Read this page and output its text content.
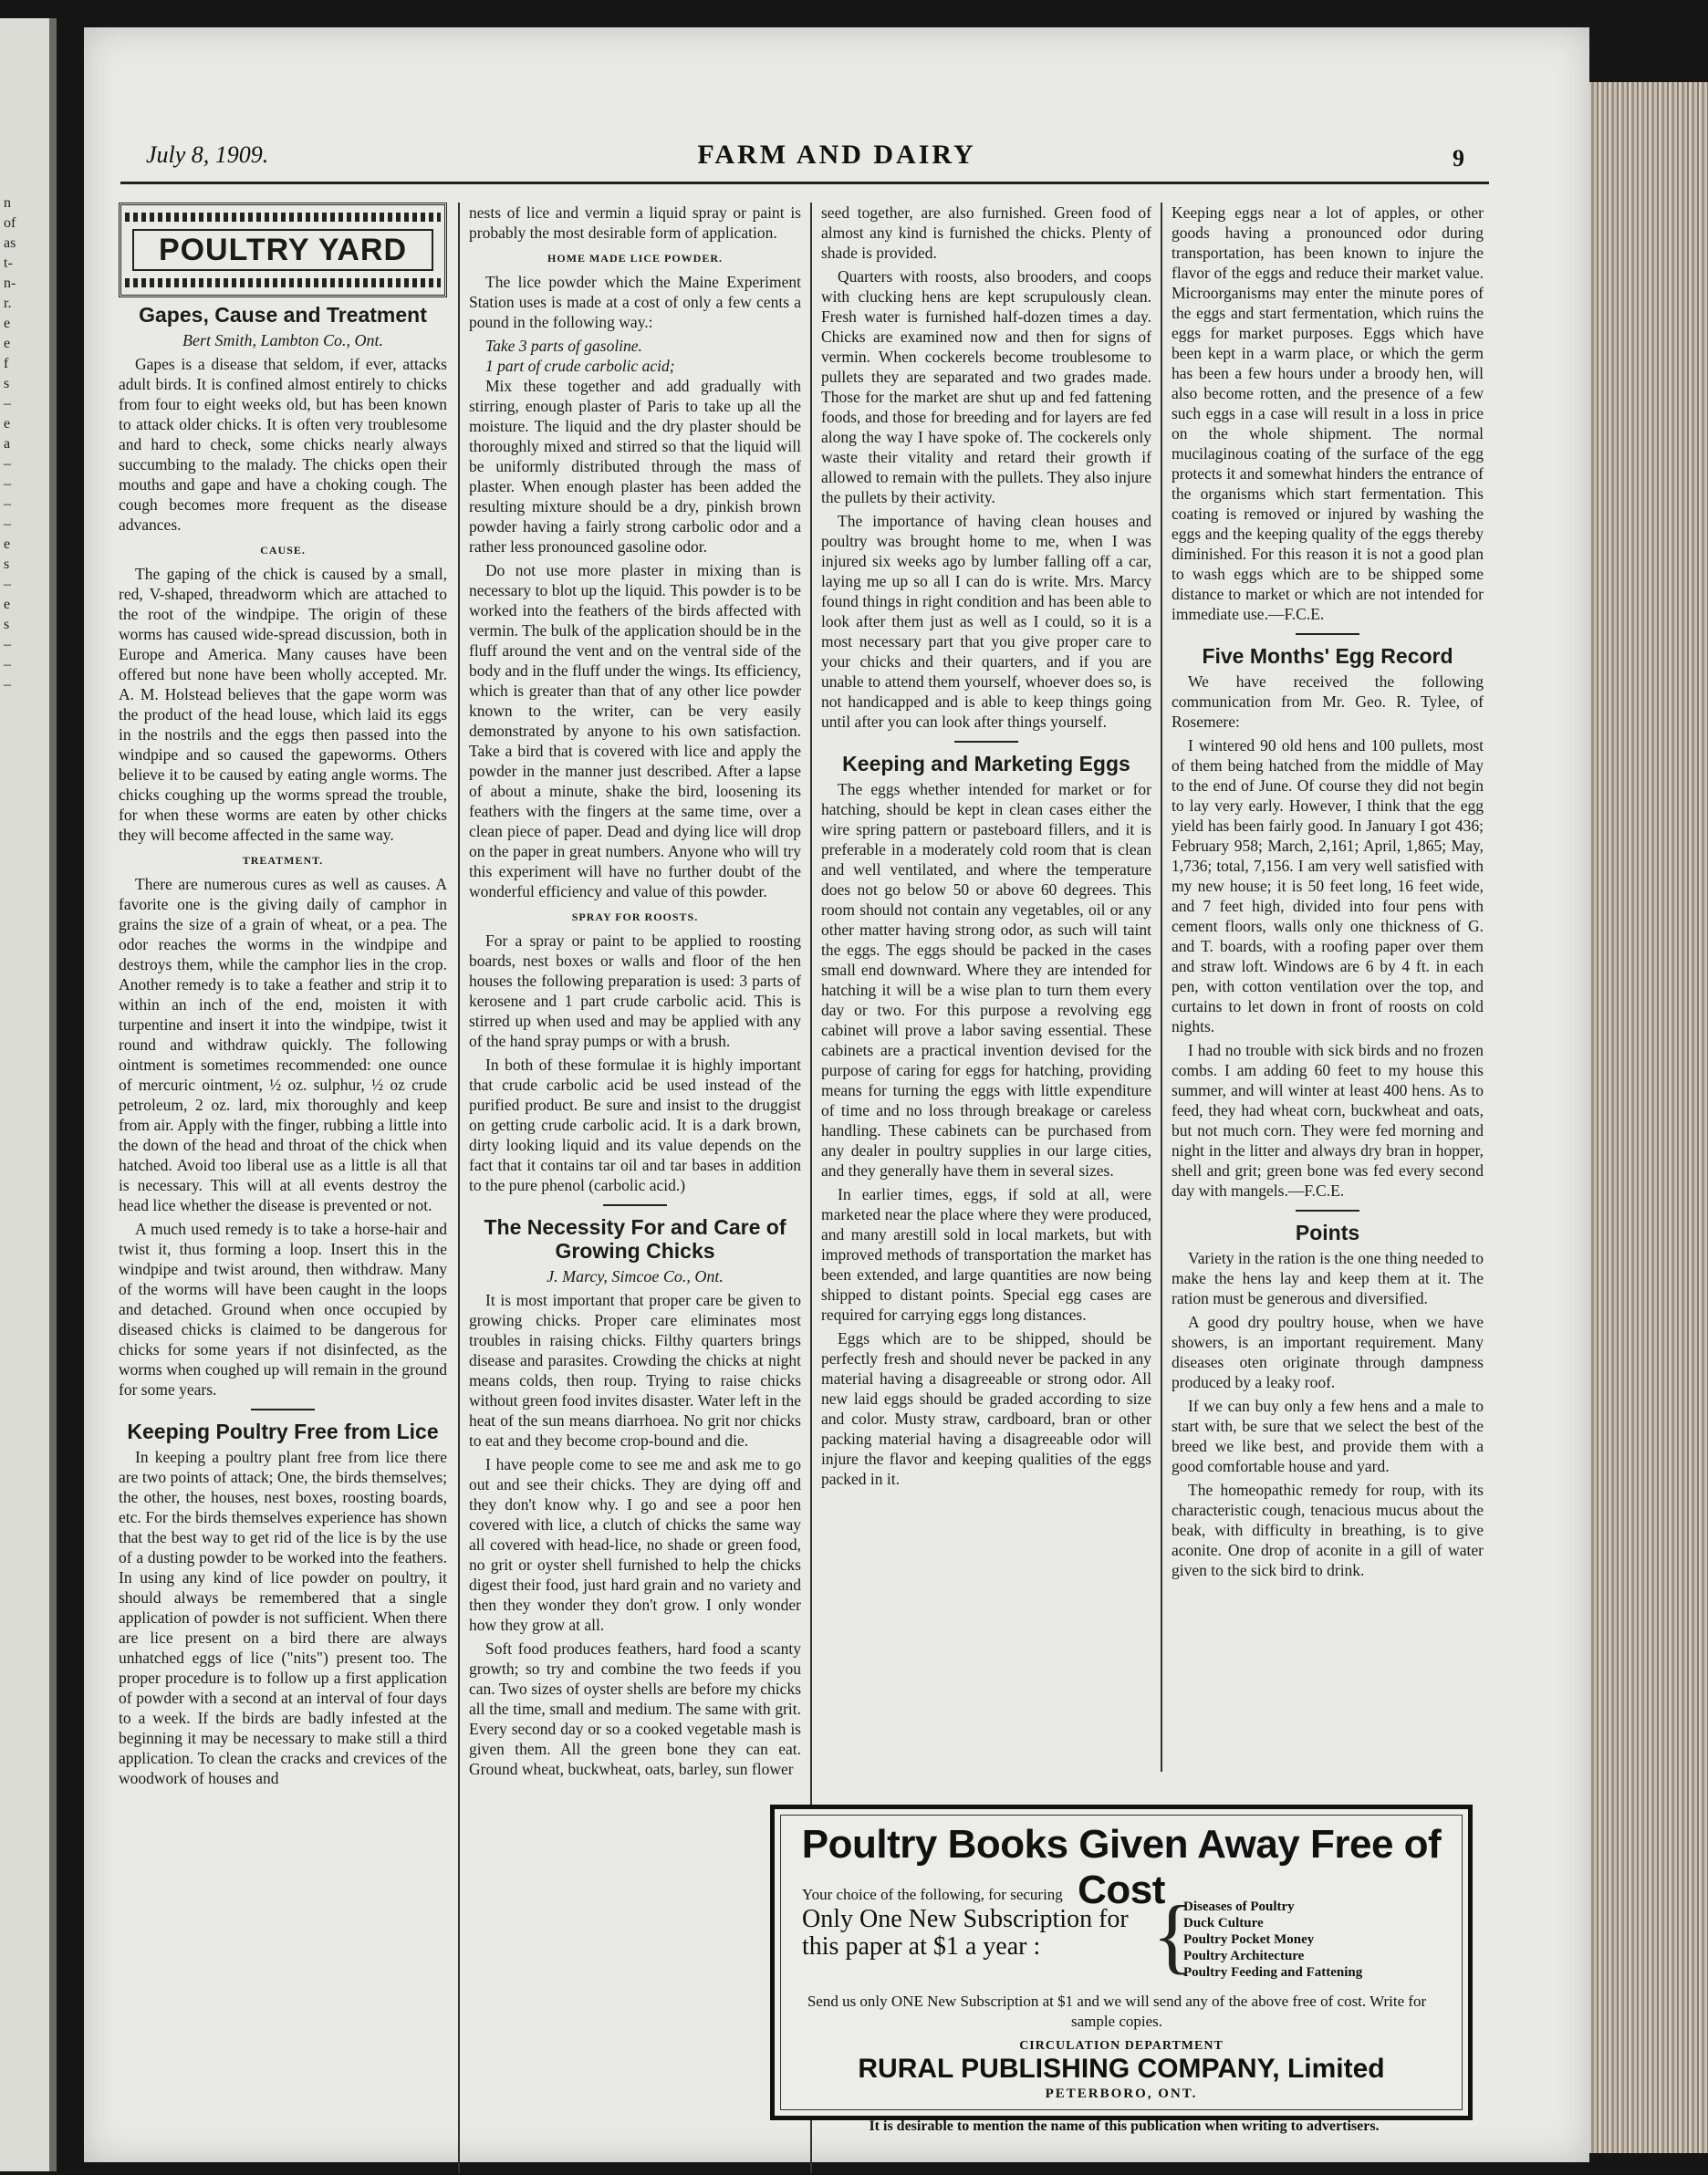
n
of
as
t-
n-
r.
e
e
f
s
–
e
a
–
–
–
–
e
s
–
e
s
–
–
–
July 8, 1909.	FARM AND DAIRY	9
POULTRY YARD
Gapes, Cause and Treatment
Bert Smith, Lambton Co., Ont.

Gapes is a disease that seldom, if ever, attacks adult birds. It is confined almost entirely to chicks from four to eight weeks old, but has been known to attack older chicks. It is often very troublesome and hard to check, some chicks nearly always succumbing to the malady. The chicks open their mouths and gape and have a choking cough. The cough becomes more frequent as the disease advances.

CAUSE.

The gaping of the chick is caused by a small, red, V-shaped, threadworm which are attached to the root of the windpipe. The origin of these worms has caused wide-spread discussion, both in Europe and America. Many causes have been offered but none have been wholly accepted. Mr. A. M. Holstead believes that the gape worm was the product of the head louse, which laid its eggs in the nostrils and the eggs then passed into the windpipe and so caused the gapeworms. Others believe it to be caused by eating angle worms. The chicks coughing up the worms spread the trouble, for when these worms are eaten by other chicks they will become affected in the same way.

TREATMENT.

There are numerous cures as well as causes. A favorite one is the giving daily of camphor in grains the size of a grain of wheat, or a pea. The odor reaches the worms in the windpipe and destroys them, while the camphor lies in the crop. Another remedy is to take a feather and strip it to within an inch of the end, moisten it with turpentine and insert it into the windpipe, twist it round and withdraw quickly. The following ointment is sometimes recommended: one ounce of mercuric ointment, ½ oz. sulphur, ½ oz crude petroleum, 2 oz. lard, mix thoroughly and keep from air. Apply with the finger, rubbing a little into the down of the head and throat of the chick when hatched. Avoid too liberal use as a little is all that is necessary. This will at all events destroy the head lice whether the disease is prevented or not.

A much used remedy is to take a horse-hair and twist it, thus forming a loop. Insert this in the windpipe and twist around, then withdraw. Many of the worms will have been caught in the loops and detached. Ground when once occupied by diseased chicks is claimed to be dangerous for chicks for some years if not disinfected, as the worms when coughed up will remain in the ground for some years.

Keeping Poultry Free from Lice

In keeping a poultry plant free from lice there are two points of attack; One, the birds themselves; the other, the houses, nest boxes, roosting boards, etc. For the birds themselves experience has shown that the best way to get rid of the lice is by the use of a dusting powder to be worked into the feathers. In using any kind of lice powder on poultry, it should always be remembered that a single application of powder is not sufficient. When there are lice present on a bird there are always unhatched eggs of lice ("nits") present too. The proper procedure is to follow up a first application of powder with a second at an interval of four days to a week. If the birds are badly infested at the beginning it may be necessary to make still a third application. To clean the cracks and crevices of the woodwork of houses and

nests of lice and vermin a liquid spray or paint is probably the most desirable form of application.

HOME MADE LICE POWDER.

The lice powder which the Maine Experiment Station uses is made at a cost of only a few cents a pound in the following way.:

Take 3 parts of gasoline.

1 part of crude carbolic acid;

Mix these together and add gradually with stirring, enough plaster of Paris to take up all the moisture. The liquid and the dry plaster should be thoroughly mixed and stirred so that the liquid will be uniformly distributed through the mass of plaster. When enough plaster has been added the resulting mixture should be a dry, pinkish brown powder having a fairly strong carbolic odor and a rather less pronounced gasoline odor.

Do not use more plaster in mixing than is necessary to blot up the liquid. This powder is to be worked into the feathers of the birds affected with vermin. The bulk of the application should be in the fluff around the vent and on the ventral side of the body and in the fluff under the wings. Its efficiency, which is greater than that of any other lice powder known to the writer, can be very easily demonstrated by anyone to his own satisfaction. Take a bird that is covered with lice and apply the powder in the manner just described. After a lapse of about a minute, shake the bird, loosening its feathers with the fingers at the same time, over a clean piece of paper. Dead and dying lice will drop on the paper in great numbers. Anyone who will try this experiment will have no further doubt of the wonderful efficiency and value of this powder.

SPRAY FOR ROOSTS.

For a spray or paint to be applied to roosting boards, nest boxes or walls and floor of the hen houses the following preparation is used: 3 parts of kerosene and 1 part crude carbolic acid. This is stirred up when used and may be applied with any of the hand spray pumps or with a brush.

In both of these formulae it is highly important that crude carbolic acid be used instead of the purified product. Be sure and insist to the druggist on getting crude carbolic acid. It is a dark brown, dirty looking liquid and its value depends on the fact that it contains tar oil and tar bases in addition to the pure phenol (carbolic acid.)

The Necessity For and Care of Growing Chicks
J. Marcy, Simcoe Co., Ont.

It is most important that proper care be given to growing chicks. Proper care eliminates most troubles in raising chicks. Filthy quarters brings disease and parasites. Crowding the chicks at night means colds, then roup. Trying to raise chicks without green food invites disaster. Water left in the heat of the sun means diarrhoea. No grit nor chicks to eat and they become crop-bound and die.

I have people come to see me and ask me to go out and see their chicks. They are dying off and they don't know why. I go and see a poor hen covered with lice, a clutch of chicks the same way all covered with head-lice, no shade or green food, no grit or oyster shell furnished to help the chicks digest their food, just hard grain and no variety and then they wonder they don't grow. I only wonder how they grow at all.

Soft food produces feathers, hard food a scanty growth; so try and combine the two feeds if you can. Two sizes of oyster shells are before my chicks all the time, small and medium. The same with grit. Every second day or so a cooked vegetable mash is given them. All the green bone they can eat. Ground wheat, buckwheat, oats, barley, sun flower

seed together, are also furnished. Green food of almost any kind is furnished the chicks. Plenty of shade is provided.

Quarters with roosts, also brooders, and coops with clucking hens are kept scrupulously clean. Fresh water is furnished half-dozen times a day. Chicks are examined now and then for signs of vermin. When cockerels become troublesome to pullets they are separated and two grades made. Those for the market are shut up and fed fattening foods, and those for breeding and for layers are fed along the way I have spoke of. The cockerels only waste their vitality and retard their growth if allowed to remain with the pullets. They also injure the pullets by their activity.

The importance of having clean houses and poultry was brought home to me, when I was injured six weeks ago by lumber falling off a car, laying me up so all I can do is write. Mrs. Marcy found things in right condition and has been able to look after them just as well as I could, so it is a most necessary part that you give proper care to your chicks and their quarters, and if you are unable to attend them yourself, whoever does so, is not handicapped and is able to keep things going until after you can look after things yourself.

Keeping and Marketing Eggs

The eggs whether intended for market or for hatching, should be kept in clean cases either the wire spring pattern or pasteboard fillers, and it is preferable in a moderately cold room that is clean and well ventilated, and where the temperature does not go below 50 or above 60 degrees. This room should not contain any vegetables, oil or any other matter having strong odor, as such will taint the eggs. The eggs should be packed in the cases small end downward. Where they are intended for hatching it will be a wise plan to turn them every day or two. For this purpose a revolving egg cabinet will prove a labor saving essential. These cabinets are a practical invention devised for the purpose of caring for eggs for hatching, providing means for turning the eggs with little expenditure of time and no loss through breakage or careless handling. These cabinets can be purchased from any dealer in poultry supplies in our large cities, and they generally have them in several sizes.

In earlier times, eggs, if sold at all, were marketed near the place where they were produced, and many arestill sold in local markets, but with improved methods of transportation the market has been extended, and large quantities are now being shipped to distant points. Special egg cases are required for carrying eggs long distances.

Eggs which are to be shipped, should be perfectly fresh and should never be packed in any material having a disagreeable or strong odor. All new laid eggs should be graded according to size and color. Musty straw, cardboard, bran or other packing material having a disagreeable odor will injure the flavor and keeping qualities of the eggs packed in it.

Keeping eggs near a lot of apples, or other goods having a pronounced odor during transportation, has been known to injure the flavor of the eggs and reduce their market value. Microorganisms may enter the minute pores of the eggs and start fermentation, which ruins the eggs for market purposes. Eggs which have been kept in a warm place, or which the germ has been a few hours under a broody hen, will also become rotten, and the presence of a few such eggs in a case will result in a loss in price on the whole shipment. The normal mucilaginous coating of the surface of the egg protects it and somewhat hinders the entrance of the organisms which start fermentation. This coating is removed or injured by washing the eggs and the keeping quality of the eggs thereby diminished. For this reason it is not a good plan to wash eggs which are to be shipped some distance to market or which are not intended for immediate use.—F.C.E.

Five Months' Egg Record

We have received the following communication from Mr. Geo. R. Tylee, of Rosemere:

I wintered 90 old hens and 100 pullets, most of them being hatched from the middle of May to the end of June. Of course they did not begin to lay very early. However, I think that the egg yield has been fairly good. In January I got 436; February 958; March, 2,161; April, 1,865; May, 1,736; total, 7,156. I am very well satisfied with my new house; it is 50 feet long, 16 feet wide, and 7 feet high, divided into four pens with cement floors, walls only one thickness of G. and T. boards, with a roofing paper over them and straw loft. Windows are 6 by 4 ft. in each pen, with cotton ventilation over the top, and curtains to let down in front of roosts on cold nights.

I had no trouble with sick birds and no frozen combs. I am adding 60 feet to my house this summer, and will winter at least 400 hens. As to feed, they had wheat corn, buckwheat and oats, but not much corn. They were fed morning and night in the litter and always dry bran in hopper, shell and grit; green bone was fed every second day with mangels.—F.C.E.

Points

Variety in the ration is the one thing needed to make the hens lay and keep them at it. The ration must be generous and diversified.

A good dry poultry house, when we have showers, is an important requirement. Many diseases oten originate through dampness produced by a leaky roof.

If we can buy only a few hens and a male to start with, be sure that we select the best of the breed we like best, and provide them with a good comfortable house and yard.

The homeopathic remedy for roup, with its characteristic cough, tenacious mucus about the beak, with difficulty in breathing, is to give aconite. One drop of aconite in a gill of water given to the sick bird to drink.

Poultry Books Given Away Free of Cost
Your choice of the following, for securing
Only One New Subscription for this paper at $1 a year :	{
Diseases of Poultry
Duck Culture
Poultry Pocket Money
Poultry Architecture
Poultry Feeding and Fattening
Send us only ONE New Subscription at $1 and we will send any of the above free of cost. Write for sample copies.
CIRCULATION DEPARTMENT
RURAL PUBLISHING COMPANY, Limited
PETERBORO, ONT.
It is desirable to mention the name of this publication when writing to advertisers.
